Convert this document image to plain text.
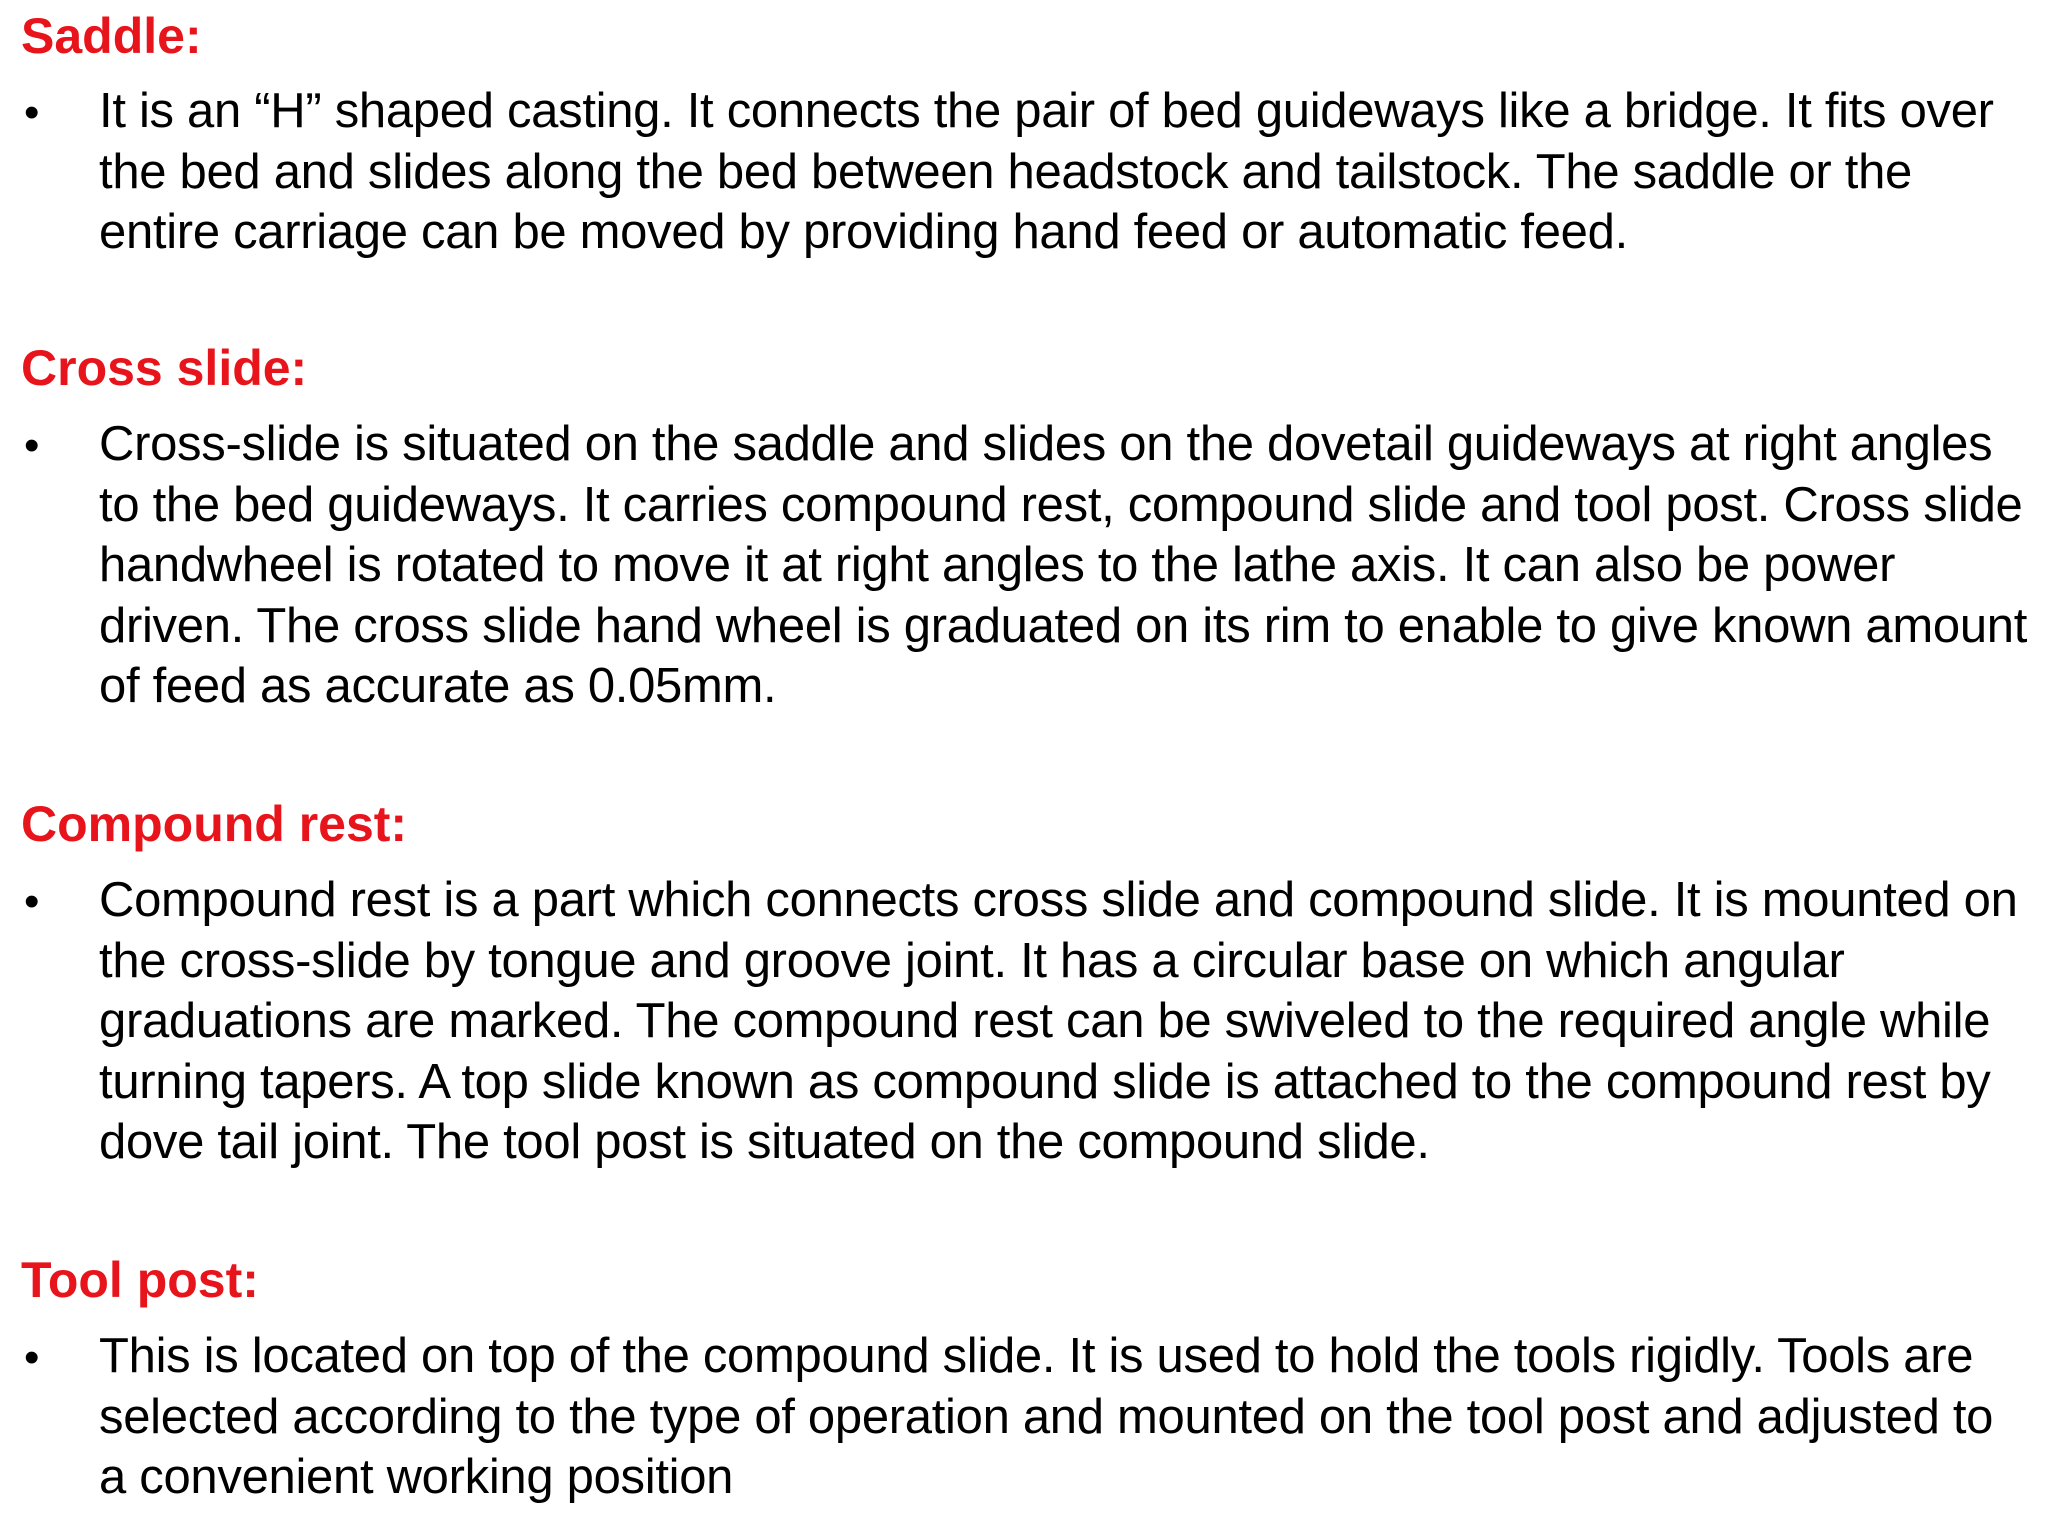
Saddle:
• It is an “H” shaped casting. It connects the pair of bed guideways like a bridge. It fits over the bed and slides along the bed between headstock and tailstock. The saddle or the entire carriage can be moved by providing hand feed or automatic feed.

Cross slide:
• Cross-slide is situated on the saddle and slides on the dovetail guideways at right angles to the bed guideways. It carries compound rest, compound slide and tool post. Cross slide handwheel is rotated to move it at right angles to the lathe axis. It can also be power driven. The cross slide hand wheel is graduated on its rim to enable to give known amount of feed as accurate as 0.05mm.

Compound rest:
• Compound rest is a part which connects cross slide and compound slide. It is mounted on the cross-slide by tongue and groove joint. It has a circular base on which angular graduations are marked. The compound rest can be swiveled to the required angle while turning tapers. A top slide known as compound slide is attached to the compound rest by dove tail joint. The tool post is situated on the compound slide.

Tool post:
• This is located on top of the compound slide. It is used to hold the tools rigidly. Tools are selected according to the type of operation and mounted on the tool post and adjusted to a convenient working position
